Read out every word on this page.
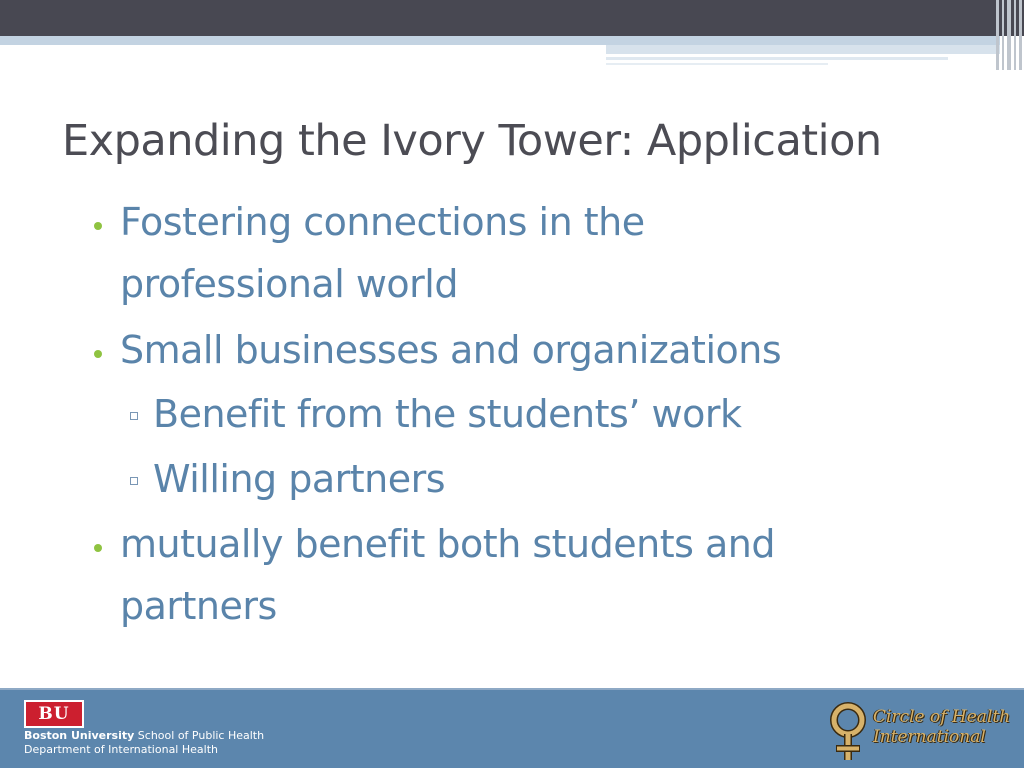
Expanding the Ivory Tower: Application
Fostering connections in the
professional world
Small businesses and organizations
Benefit from the students’ work
Willing partners
mutually benefit both students and
partners
BU
Boston University School of Public Health
Department of International Health
Circle of Health
International
